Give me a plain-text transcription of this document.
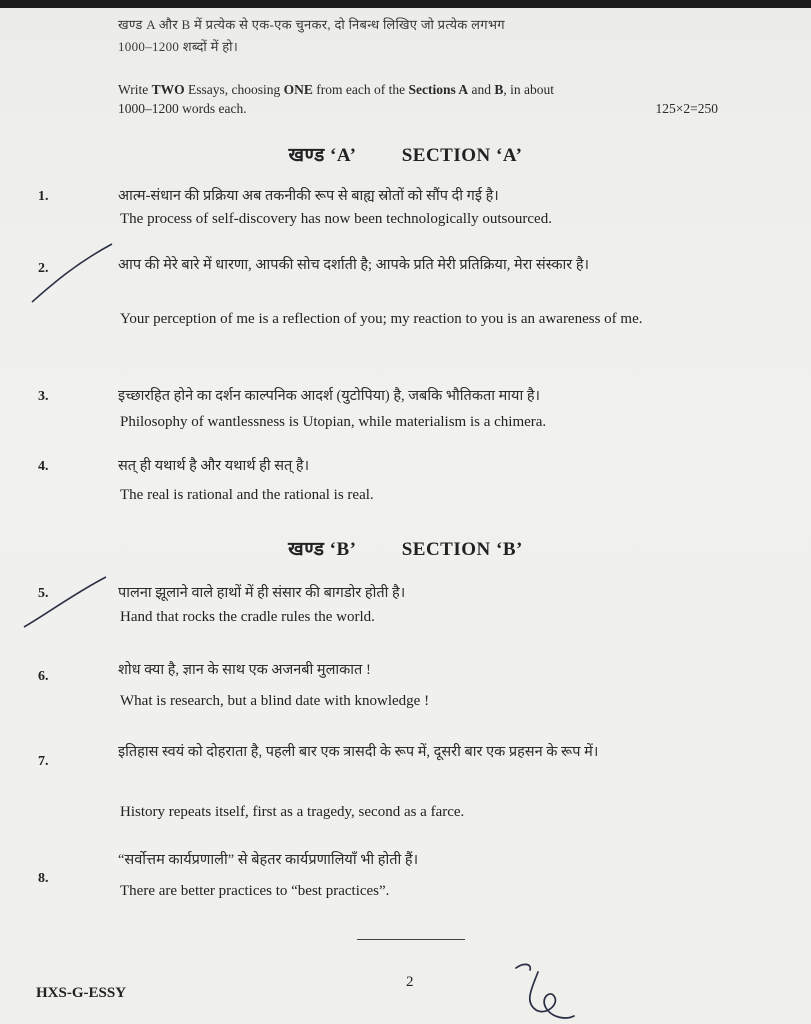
खण्ड A और B में प्रत्येक से एक-एक चुनकर, दो निबन्ध लिखिए जो प्रत्येक लगभग
1000–1200 शब्दों में हो।
Write TWO Essays, choosing ONE from each of the Sections A and B, in about
1000–1200 words each.	125×2=250
खण्ड ‘A’ SECTION ‘A’
1.	आत्म-संधान की प्रक्रिया अब तकनीकी रूप से बाह्य स्रोतों को सौंप दी गई है।
The process of self-discovery has now been technologically outsourced.
2.	आप की मेरे बारे में धारणा, आपकी सोच दर्शाती है; आपके प्रति मेरी प्रतिक्रिया, मेरा संस्कार है।
Your perception of me is a reflection of you; my reaction to you is an awareness of me.
3.	इच्छारहित होने का दर्शन काल्पनिक आदर्श (युटोपिया) है, जबकि भौतिकता माया है।
Philosophy of wantlessness is Utopian, while materialism is a chimera.
4.	सत् ही यथार्थ है और यथार्थ ही सत् है।
The real is rational and the rational is real.
खण्ड ‘B’ SECTION ‘B’
5.	पालना झूलाने वाले हाथों में ही संसार की बागडोर होती है।
Hand that rocks the cradle rules the world.
6.	शोध क्या है, ज्ञान के साथ एक अजनबी मुलाकात !
What is research, but a blind date with knowledge !
7.
इतिहास स्वयं को दोहराता है, पहली बार एक त्रासदी के रूप में, दूसरी बार एक प्रहसन के रूप में।
History repeats itself, first as a tragedy, second as a farce.
8.
“सर्वोत्तम कार्यप्रणाली” से बेहतर कार्यप्रणालियाँ भी होती हैं।
There are better practices to “best practices”.
HXS-G-ESSY
2
